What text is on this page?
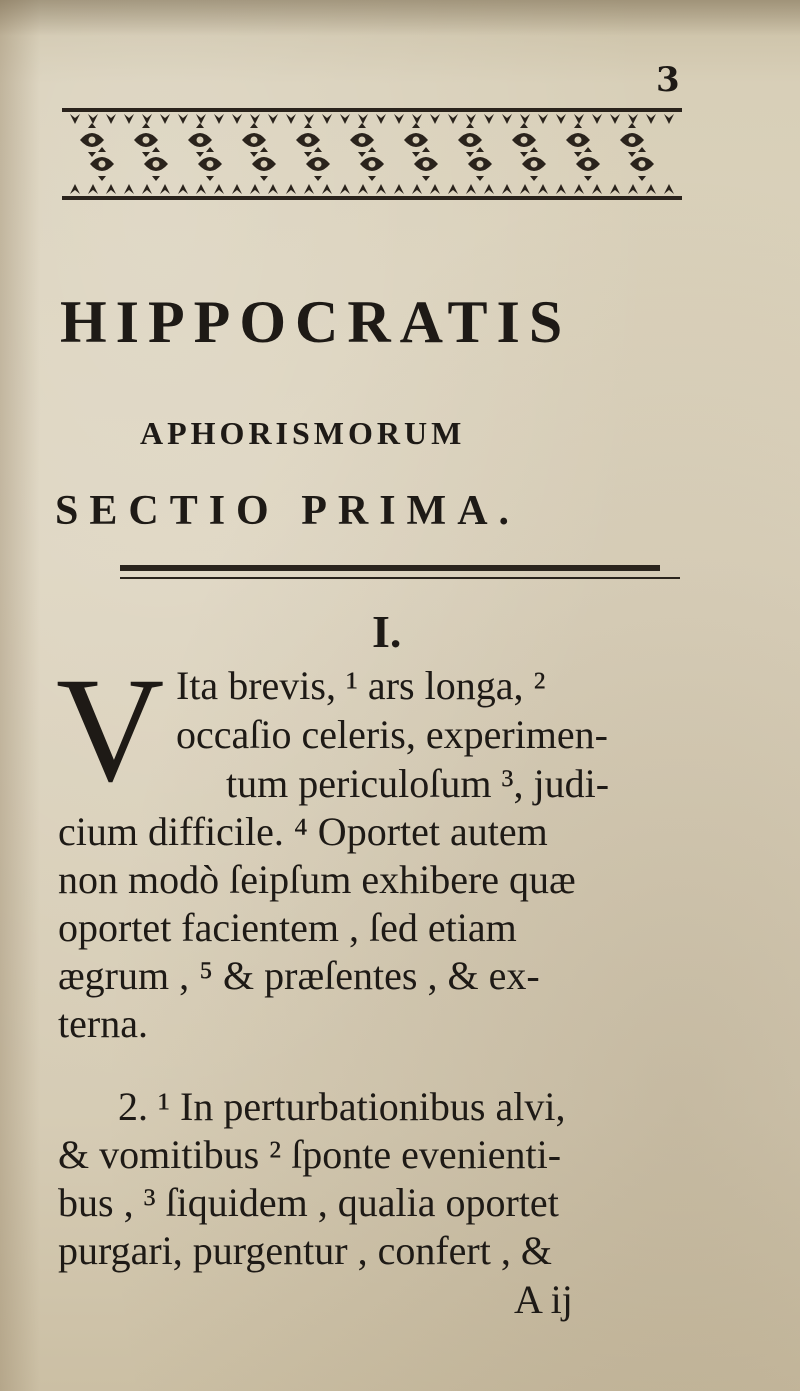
3
HIPPOCRATIS
APHORISMORUM
SECTIO PRIMA.
I.
V Ita brevis, ¹ ars longa, ²
occaſio celeris, experimen-
tum periculoſum ³, judi-
cium difficile. ⁴ Oportet autem
non modò ſeipſum exhibere quæ
oportet facientem , ſed etiam
ægrum , ⁵ & præſentes , & ex-
terna.
2. ¹ In perturbationibus alvi,
& vomitibus ² ſponte evenienti-
bus , ³ ſiquidem , qualia oportet
purgari, purgentur , confert , &
A ij
